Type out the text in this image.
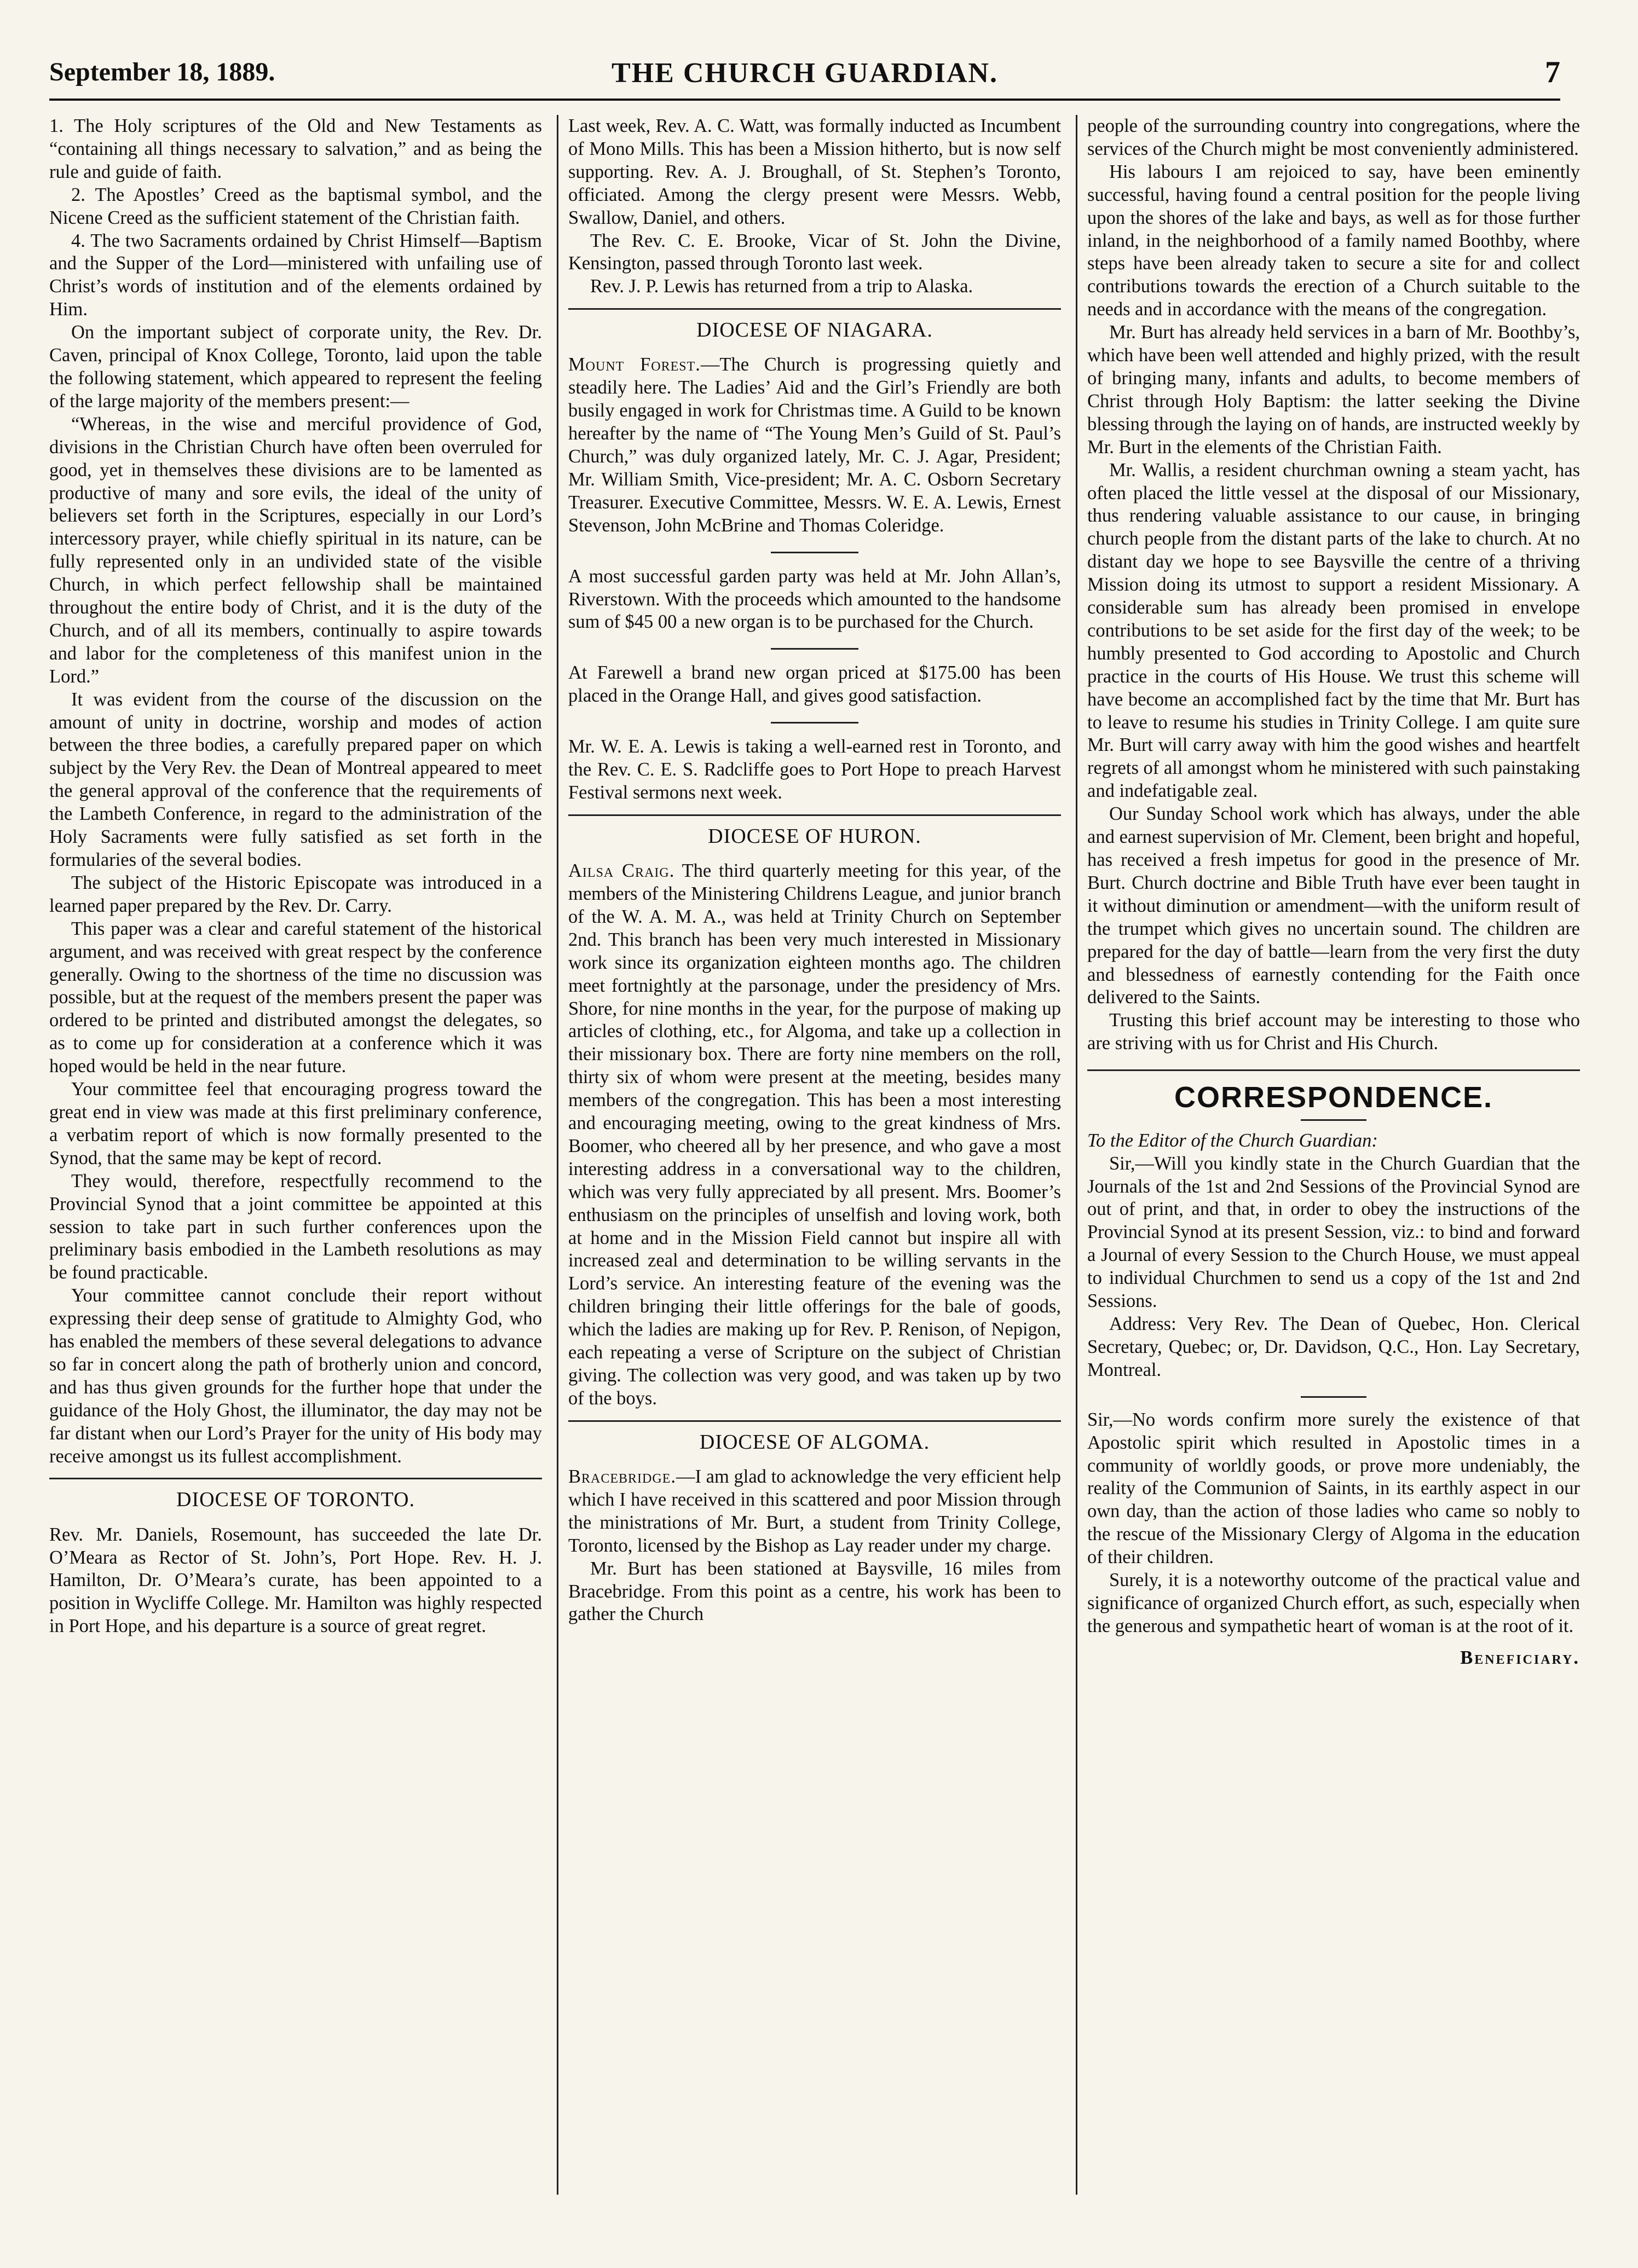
September 18, 1889.	THE CHURCH GUARDIAN.	7

1. The Holy scriptures of the Old and New Testaments as “containing all things necessary to salvation,” and as being the rule and guide of faith.

2. The Apostles’ Creed as the baptismal symbol, and the Nicene Creed as the sufficient statement of the Christian faith.

4. The two Sacraments ordained by Christ Himself—Baptism and the Supper of the Lord—ministered with unfailing use of Christ’s words of institution and of the elements ordained by Him.

On the important subject of corporate unity, the Rev. Dr. Caven, principal of Knox College, Toronto, laid upon the table the following statement, which appeared to represent the feeling of the large majority of the members present:—

“Whereas, in the wise and merciful providence of God, divisions in the Christian Church have often been overruled for good, yet in themselves these divisions are to be lamented as productive of many and sore evils, the ideal of the unity of believers set forth in the Scriptures, especially in our Lord’s intercessory prayer, while chiefly spiritual in its nature, can be fully represented only in an undivided state of the visible Church, in which perfect fellowship shall be maintained throughout the entire body of Christ, and it is the duty of the Church, and of all its members, continually to aspire towards and labor for the completeness of this manifest union in the Lord.”

It was evident from the course of the discussion on the amount of unity in doctrine, worship and modes of action between the three bodies, a carefully prepared paper on which subject by the Very Rev. the Dean of Montreal appeared to meet the general approval of the conference that the requirements of the Lambeth Conference, in regard to the administration of the Holy Sacraments were fully satisfied as set forth in the formularies of the several bodies.

The subject of the Historic Episcopate was introduced in a learned paper prepared by the Rev. Dr. Carry.

This paper was a clear and careful statement of the historical argument, and was received with great respect by the conference generally. Owing to the shortness of the time no discussion was possible, but at the request of the members present the paper was ordered to be printed and distributed amongst the delegates, so as to come up for consideration at a conference which it was hoped would be held in the near future.

Your committee feel that encouraging progress toward the great end in view was made at this first preliminary conference, a verbatim report of which is now formally presented to the Synod, that the same may be kept of record.

They would, therefore, respectfully recommend to the Provincial Synod that a joint committee be appointed at this session to take part in such further conferences upon the preliminary basis embodied in the Lambeth resolutions as may be found practicable.

Your committee cannot conclude their report without expressing their deep sense of gratitude to Almighty God, who has enabled the members of these several delegations to advance so far in concert along the path of brotherly union and concord, and has thus given grounds for the further hope that under the guidance of the Holy Ghost, the illuminator, the day may not be far distant when our Lord’s Prayer for the unity of His body may receive amongst us its fullest accomplishment.

DIOCESE OF TORONTO.

Rev. Mr. Daniels, Rosemount, has succeeded the late Dr. O’Meara as Rector of St. John’s, Port Hope. Rev. H. J. Hamilton, Dr. O’Meara’s curate, has been appointed to a position in Wycliffe College. Mr. Hamilton was highly respected in Port Hope, and his departure is a source of great regret.

Last week, Rev. A. C. Watt, was formally inducted as Incumbent of Mono Mills. This has been a Mission hitherto, but is now self supporting. Rev. A. J. Broughall, of St. Stephen’s Toronto, officiated. Among the clergy present were Messrs. Webb, Swallow, Daniel, and others.

The Rev. C. E. Brooke, Vicar of St. John the Divine, Kensington, passed through Toronto last week.

Rev. J. P. Lewis has returned from a trip to Alaska.

DIOCESE OF NIAGARA.

Mount Forest.—The Church is progressing quietly and steadily here. The Ladies’ Aid and the Girl’s Friendly are both busily engaged in work for Christmas time. A Guild to be known hereafter by the name of “The Young Men’s Guild of St. Paul’s Church,” was duly organized lately, Mr. C. J. Agar, President; Mr. William Smith, Vice-president; Mr. A. C. Osborn Secretary Treasurer. Executive Committee, Messrs. W. E. A. Lewis, Ernest Stevenson, John McBrine and Thomas Coleridge.

A most successful garden party was held at Mr. John Allan’s, Riverstown. With the proceeds which amounted to the handsome sum of $45 00 a new organ is to be purchased for the Church.

At Farewell a brand new organ priced at $175.00 has been placed in the Orange Hall, and gives good satisfaction.

Mr. W. E. A. Lewis is taking a well-earned rest in Toronto, and the Rev. C. E. S. Radcliffe goes to Port Hope to preach Harvest Festival sermons next week.

DIOCESE OF HURON.

Ailsa Craig. The third quarterly meeting for this year, of the members of the Ministering Childrens League, and junior branch of the W. A. M. A., was held at Trinity Church on September 2nd. This branch has been very much interested in Missionary work since its organization eighteen months ago. The children meet fortnightly at the parsonage, under the presidency of Mrs. Shore, for nine months in the year, for the purpose of making up articles of clothing, etc., for Algoma, and take up a collection in their missionary box. There are forty nine members on the roll, thirty six of whom were present at the meeting, besides many members of the congregation. This has been a most interesting and encouraging meeting, owing to the great kindness of Mrs. Boomer, who cheered all by her presence, and who gave a most interesting address in a conversational way to the children, which was very fully appreciated by all present. Mrs. Boomer’s enthusiasm on the principles of unselfish and loving work, both at home and in the Mission Field cannot but inspire all with increased zeal and determination to be willing servants in the Lord’s service. An interesting feature of the evening was the children bringing their little offerings for the bale of goods, which the ladies are making up for Rev. P. Renison, of Nepigon, each repeating a verse of Scripture on the subject of Christian giving. The collection was very good, and was taken up by two of the boys.

DIOCESE OF ALGOMA.

Bracebridge.—I am glad to acknowledge the very efficient help which I have received in this scattered and poor Mission through the ministrations of Mr. Burt, a student from Trinity College, Toronto, licensed by the Bishop as Lay reader under my charge.

Mr. Burt has been stationed at Baysville, 16 miles from Bracebridge. From this point as a centre, his work has been to gather the Church

people of the surrounding country into congregations, where the services of the Church might be most conveniently administered.

His labours I am rejoiced to say, have been eminently successful, having found a central position for the people living upon the shores of the lake and bays, as well as for those further inland, in the neighborhood of a family named Boothby, where steps have been already taken to secure a site for and collect contributions towards the erection of a Church suitable to the needs and in accordance with the means of the congregation.

Mr. Burt has already held services in a barn of Mr. Boothby’s, which have been well attended and highly prized, with the result of bringing many, infants and adults, to become members of Christ through Holy Baptism: the latter seeking the Divine blessing through the laying on of hands, are instructed weekly by Mr. Burt in the elements of the Christian Faith.

Mr. Wallis, a resident churchman owning a steam yacht, has often placed the little vessel at the disposal of our Missionary, thus rendering valuable assistance to our cause, in bringing church people from the distant parts of the lake to church. At no distant day we hope to see Baysville the centre of a thriving Mission doing its utmost to support a resident Missionary. A considerable sum has already been promised in envelope contributions to be set aside for the first day of the week; to be humbly presented to God according to Apostolic and Church practice in the courts of His House. We trust this scheme will have become an accomplished fact by the time that Mr. Burt has to leave to resume his studies in Trinity College. I am quite sure Mr. Burt will carry away with him the good wishes and heartfelt regrets of all amongst whom he ministered with such painstaking and indefatigable zeal.

Our Sunday School work which has always, under the able and earnest supervision of Mr. Clement, been bright and hopeful, has received a fresh impetus for good in the presence of Mr. Burt. Church doctrine and Bible Truth have ever been taught in it without diminution or amendment—with the uniform result of the trumpet which gives no uncertain sound. The children are prepared for the day of battle—learn from the very first the duty and blessedness of earnestly contending for the Faith once delivered to the Saints.

Trusting this brief account may be interesting to those who are striving with us for Christ and His Church.

CORRESPONDENCE.

To the Editor of the Church Guardian:

Sir,—Will you kindly state in the Church Guardian that the Journals of the 1st and 2nd Sessions of the Provincial Synod are out of print, and that, in order to obey the instructions of the Provincial Synod at its present Session, viz.: to bind and forward a Journal of every Session to the Church House, we must appeal to individual Churchmen to send us a copy of the 1st and 2nd Sessions.

Address: Very Rev. The Dean of Quebec, Hon. Clerical Secretary, Quebec; or, Dr. Davidson, Q.C., Hon. Lay Secretary, Montreal.

Sir,—No words confirm more surely the existence of that Apostolic spirit which resulted in Apostolic times in a community of worldly goods, or prove more undeniably, the reality of the Communion of Saints, in its earthly aspect in our own day, than the action of those ladies who came so nobly to the rescue of the Missionary Clergy of Algoma in the education of their children.

Surely, it is a noteworthy outcome of the practical value and significance of organized Church effort, as such, especially when the generous and sympathetic heart of woman is at the root of it.

Beneficiary.
